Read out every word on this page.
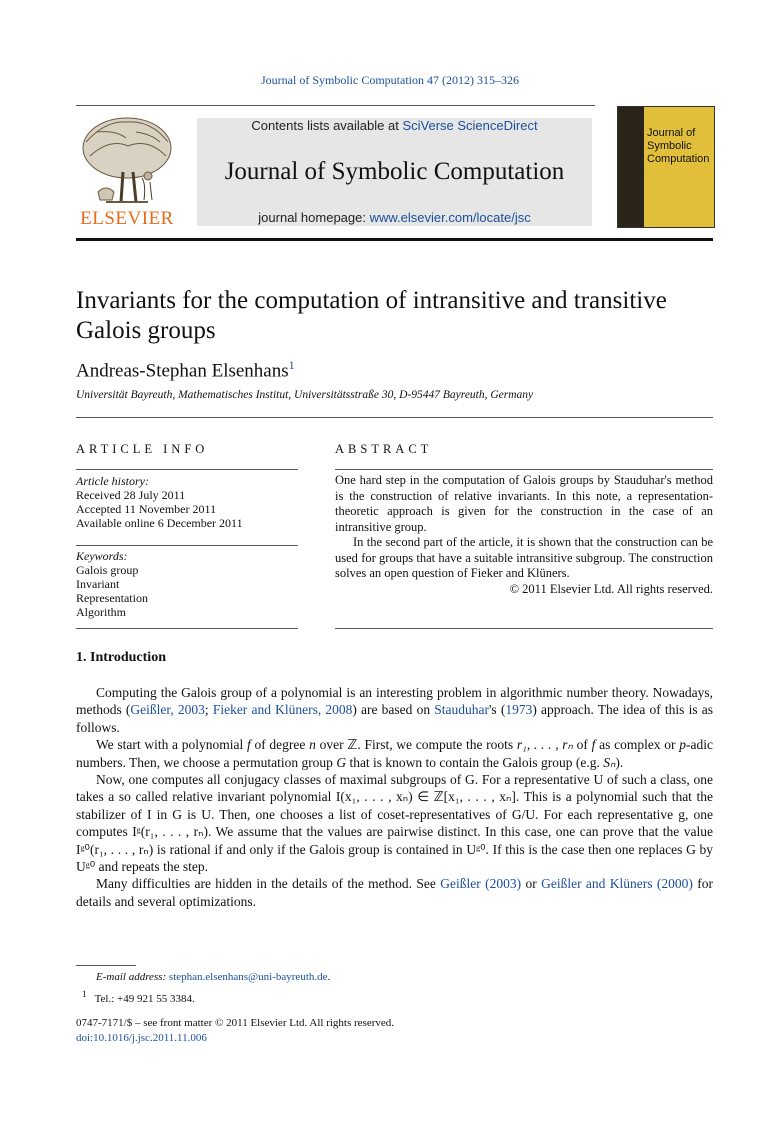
Journal of Symbolic Computation 47 (2012) 315–326
ELSEVIER
Contents lists available at SciVerse ScienceDirect
Journal of Symbolic Computation
journal homepage: www.elsevier.com/locate/jsc
Journal of
Symbolic
Computation
Invariants for the computation of intransitive and transitive Galois groups
Andreas-Stephan Elsenhans$^1$
Universität Bayreuth, Mathematisches Institut, Universitätsstraße 30, D-95447 Bayreuth, Germany
ARTICLE INFO
Article history:
Received 28 July 2011
Accepted 11 November 2011
Available online 6 December 2011
Keywords:
Galois group
Invariant
Representation
Algorithm
ABSTRACT

One hard step in the computation of Galois groups by Stauduhar's method is the construction of relative invariants. In this note, a representation-theoretic approach is given for the construction in the case of an intransitive group.

In the second part of the article, it is shown that the construction can be used for groups that have a suitable intransitive subgroup. The construction solves an open question of Fieker and Klüners.

© 2011 Elsevier Ltd. All rights reserved.

1. Introduction

Computing the Galois group of a polynomial is an interesting problem in algorithmic number theory. Nowadays, methods (Geißler, 2003; Fieker and Klüners, 2008) are based on Stauduhar's (1973) approach. The idea of this is as follows.

We start with a polynomial f of degree n over ℤ. First, we compute the roots r₁, . . . , rₙ of f as complex or p-adic numbers. Then, we choose a permutation group G that is known to contain the Galois group (e.g. Sₙ).

Now, one computes all conjugacy classes of maximal subgroups of G. For a representative U of such a class, one takes a so called relative invariant polynomial I(x₁, . . . , xₙ) ∈ ℤ[x₁, . . . , xₙ]. This is a polynomial such that the stabilizer of I in G is U. Then, one chooses a list of coset-representatives of G/U. For each representative g, one computes Iᵍ(r₁, . . . , rₙ). We assume that the values are pairwise distinct. In this case, one can prove that the value Iᵍ⁰(r₁, . . . , rₙ) is rational if and only if the Galois group is contained in Uᵍ⁰. If this is the case then one replaces G by Uᵍ⁰ and repeats the step.

Many difficulties are hidden in the details of the method. See Geißler (2003) or Geißler and Klüners (2000) for details and several optimizations.

E-mail address: stephan.elsenhans@uni-bayreuth.de.
$^1$ Tel.: +49 921 55 3384.
0747-7171/$ – see front matter © 2011 Elsevier Ltd. All rights reserved.
doi:10.1016/j.jsc.2011.11.006
